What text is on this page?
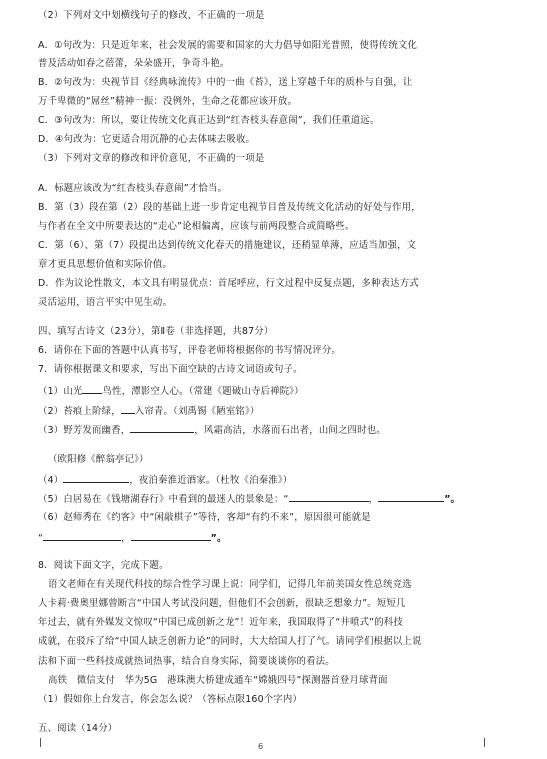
（2）下列对文中划横线句子的修改，不正确的一项是
A．①句改为：只是近年来，社会发展的需要和国家的大力倡导如阳光普照，使得传统文化
普及活动如春之蓓蕾，朵朵盛开，争奇斗艳。
B．②句改为：央视节目《经典咏流传》中的一曲《苔》，送上穿越千年的质朴与自强，让
万千卑微的“屌丝”精神一振：没例外，生命之花都应该开放。
C．③句改为：所以，要让传统文化真正达到“红杏枝头春意闹”，我们任重道远。
D．④句改为：它更适合用沉静的心去体味去吸收。
（3）下列对文章的修改和评价意见，不正确的一项是
A．标题应该改为“红杏枝头春意闹”才恰当。
B．第（3）段在第（2）段的基础上进一步肯定电视节目普及传统文化活动的好处与作用，
与作者在全文中所要表达的“走心”论相偏离，应该与前两段整合或简略些。
C．第（6）、第（7）段提出达到传统文化春天的措施建议，还稍显单薄，应适当加强，文
章才更具思想价值和实际价值。
D．作为议论性散文，本文具有明显优点：首尾呼应，行文过程中反复点题，多种表达方式
灵活运用，语言平实中见生动。
四、填写古诗文（23分），第Ⅱ卷（非选择题，共87分）
6．请你在下面的答题中认真书写，评卷老师将根据你的书写情况评分。
7．请你根据课文和要求，写出下面空缺的古诗文词语或句子。
（1）山光 鸟性，潭影空人心。（常建《题破山寺后禅院》）
（2）苔痕上阶绿， 入帘青。（刘禹锡《陋室铭》）
（3）野芳发而幽香，	，风霜高洁，水落而石出者，山间之四时也。
（欧阳修《醉翁亭记》）
（4）	，夜泊秦淮近酒家。（杜牧《泊秦淮》）
（5）白居易在《钱塘湖春行》中看到的最迷人的景象是：“	，	”。
（6）赵师秀在《约客》中“闲敲棋子”等待，客却“有约不来”，原因很可能就是
“	，	”。
8．阅读下面文字，完成下题。
语文老师在有关现代科技的综合性学习课上说：同学们，记得几年前美国女性总统竞选
人卡莉·费奥里娜曾断言“中国人考试没问题，但他们不会创新，很缺乏想象力”。短短几
年过去，就有外媒发文惊叹“中国已成创新之龙”！近年来，我国取得了“井喷式”的科技
成就，在驳斥了给“中国人缺乏创新力论”的同时，大大给国人打了气。请同学们根据以上说
法和下面一些科技成就热词热事，结合自身实际，简要谈谈你的看法。
高铁　微信支付　华为5G　港珠澳大桥建成通车“嫦娥四号”探测器首登月球背面
（1）假如你上台发言，你会怎么说？（答标点限160个字内）
五、阅读（14分）
6
